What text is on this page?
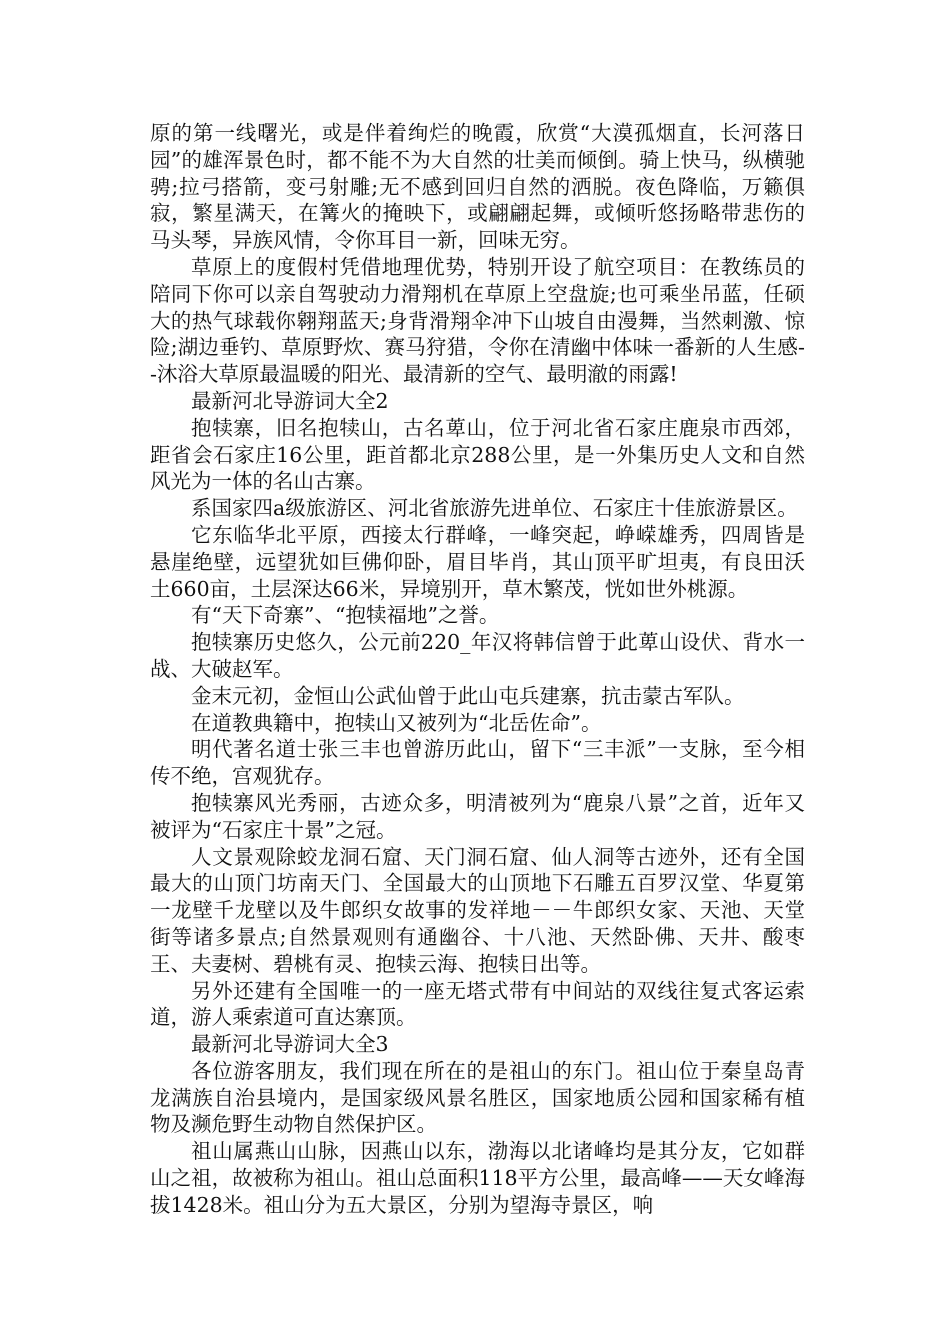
原的第一线曙光，或是伴着绚烂的晚霞，欣赏“大漠孤烟直，长河落日园”的雄浑景色时，都不能不为大自然的壮美而倾倒。骑上快马，纵横驰骋;拉弓搭箭，变弓射雕;无不感到回归自然的洒脱。夜色降临，万籁俱寂，繁星满天，在篝火的掩映下，或翩翩起舞，或倾听悠扬略带悲伤的马头琴，异族风情，令你耳目一新，回味无穷。

草原上的度假村凭借地理优势，特别开设了航空项目：在教练员的陪同下你可以亲自驾驶动力滑翔机在草原上空盘旋;也可乘坐吊蓝，任硕大的热气球载你翱翔蓝天;身背滑翔伞冲下山坡自由漫舞，当然刺激、惊险;湖边垂钓、草原野炊、赛马狩猎，令你在清幽中体味一番新的人生感--沐浴大草原最温暖的阳光、最清新的空气、最明澈的雨露!

最新河北导游词大全2

抱犊寨，旧名抱犊山，古名萆山，位于河北省石家庄鹿泉市西郊，距省会石家庄16公里，距首都北京288公里，是一外集历史人文和自然风光为一体的名山古寨。

系国家四a级旅游区、河北省旅游先进单位、石家庄十佳旅游景区。

它东临华北平原，西接太行群峰，一峰突起，峥嵘雄秀，四周皆是悬崖绝壁，远望犹如巨佛仰卧，眉目毕肖，其山顶平旷坦夷，有良田沃土660亩，土层深达66米，异境别开，草木繁茂，恍如世外桃源。

有“天下奇寨”、“抱犊福地”之誉。

抱犊寨历史悠久，公元前220_年汉将韩信曾于此萆山设伏、背水一战、大破赵军。

金末元初，金恒山公武仙曾于此山屯兵建寨，抗击蒙古军队。

在道教典籍中，抱犊山又被列为“北岳佐命”。

明代著名道士张三丰也曾游历此山，留下“三丰派”一支脉，至今相传不绝，宫观犹存。

抱犊寨风光秀丽，古迹众多，明清被列为“鹿泉八景”之首，近年又被评为“石家庄十景”之冠。

人文景观除蛟龙洞石窟、天门洞石窟、仙人洞等古迹外，还有全国最大的山顶门坊南天门、全国最大的山顶地下石雕五百罗汉堂、华夏第一龙壁千龙壁以及牛郎织女故事的发祥地－－牛郎织女家、天池、天堂街等诸多景点;自然景观则有通幽谷、十八池、天然卧佛、天井、酸枣王、夫妻树、碧桃有灵、抱犊云海、抱犊日出等。

另外还建有全国唯一的一座无塔式带有中间站的双线往复式客运索道，游人乘索道可直达寨顶。

最新河北导游词大全3

各位游客朋友，我们现在所在的是祖山的东门。祖山位于秦皇岛青龙满族自治县境内，是国家级风景名胜区，国家地质公园和国家稀有植物及濒危野生动物自然保护区。

祖山属燕山山脉，因燕山以东，渤海以北诸峰均是其分友，它如群山之祖，故被称为祖山。祖山总面积118平方公里，最高峰——天女峰海拔1428米。祖山分为五大景区，分别为望海寺景区，响
